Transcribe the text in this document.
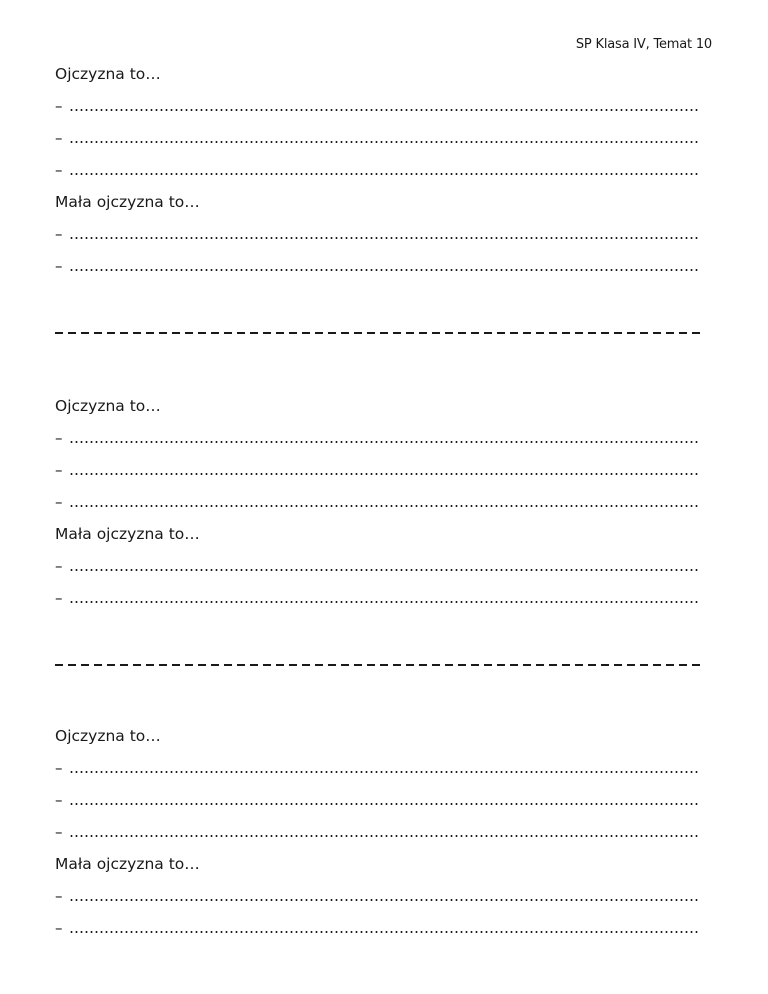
SP Klasa IV, Temat 10
Ojczyzna to…
–
–
–
Mała ojczyzna to…
–
–
Ojczyzna to…
–
–
–
Mała ojczyzna to…
–
–
Ojczyzna to…
–
–
–
Mała ojczyzna to…
–
–
